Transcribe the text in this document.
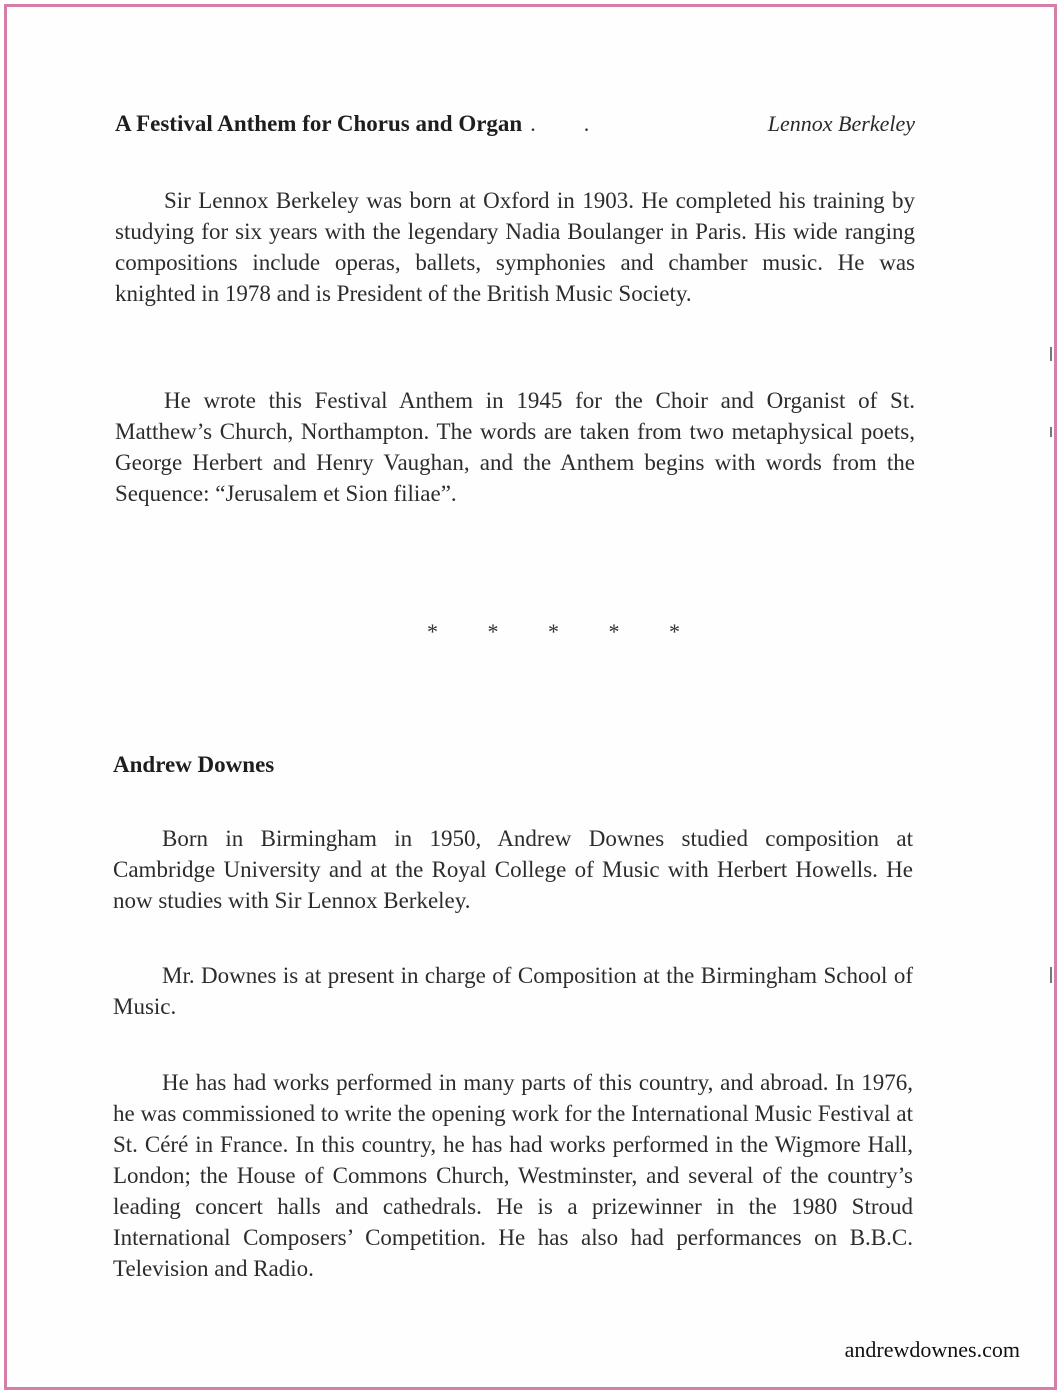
A Festival Anthem for Chorus and Organ ..	Lennox Berkeley

Sir Lennox Berkeley was born at Oxford in 1903. He completed his training by studying for six years with the legendary Nadia Boulanger in Paris. His wide ranging compositions include operas, ballets, symphonies and chamber music. He was knighted in 1978 and is President of the British Music Society.

He wrote this Festival Anthem in 1945 for the Choir and Organist of St. Matthew’s Church, Northampton. The words are taken from two metaphysical poets, George Herbert and Henry Vaughan, and the Anthem begins with words from the Sequence: “Jerusalem et Sion filiae”.

* * * * *
Andrew Downes

Born in Birmingham in 1950, Andrew Downes studied composition at Cambridge University and at the Royal College of Music with Herbert Howells. He now studies with Sir Lennox Berkeley.

Mr. Downes is at present in charge of Composition at the Birmingham School of Music.

He has had works performed in many parts of this country, and abroad. In 1976, he was commissioned to write the opening work for the International Music Festival at St. Céré in France. In this country, he has had works performed in the Wigmore Hall, London; the House of Commons Church, Westminster, and several of the country’s leading concert halls and cathedrals. He is a prizewinner in the 1980 Stroud International Composers’ Competition. He has also had performances on B.B.C. Television and Radio.

andrewdownes.com
